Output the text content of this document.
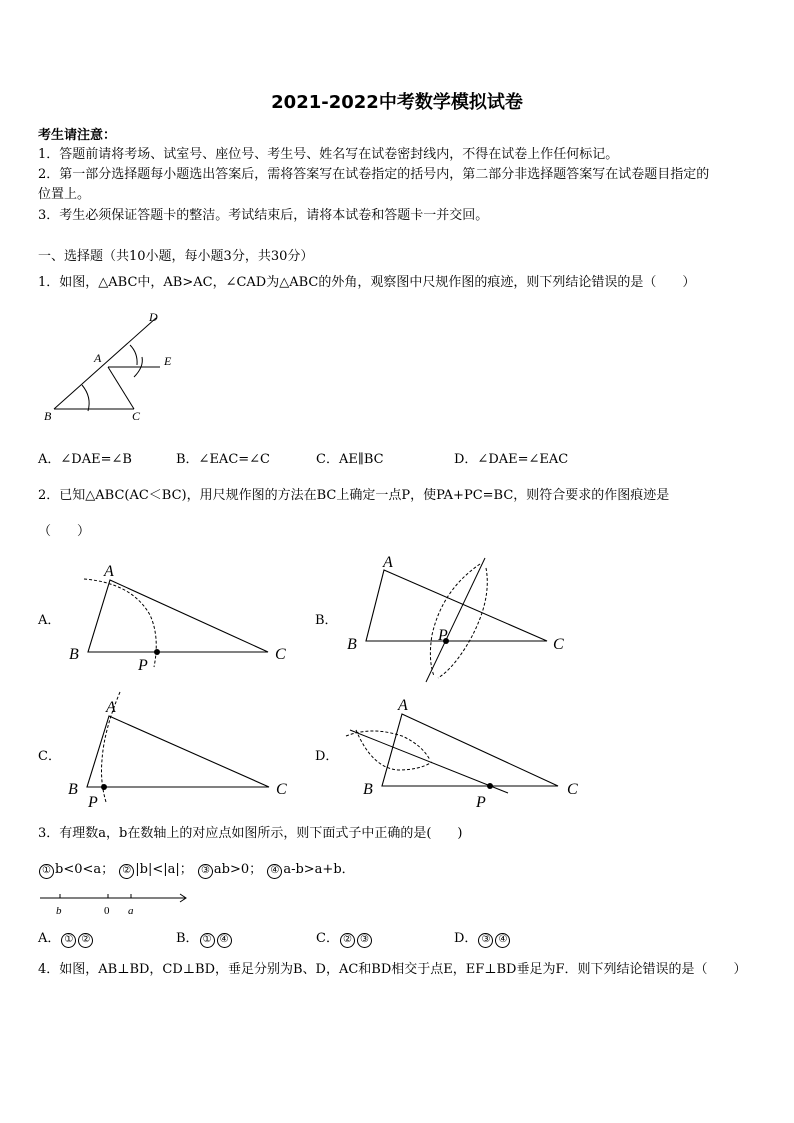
2021-2022中考数学模拟试卷
考生请注意：
1．答题前请将考场、试室号、座位号、考生号、姓名写在试卷密封线内，不得在试卷上作任何标记。
2．第一部分选择题每小题选出答案后，需将答案写在试卷指定的括号内，第二部分非选择题答案写在试卷题目指定的
位置上。
3．考生必须保证答题卡的整洁。考试结束后，请将本试卷和答题卡一并交回。
一、选择题（共10小题，每小题3分，共30分）
1．如图，△ABC中，AB>AC，∠CAD为△ABC的外角，观察图中尺规作图的痕迹，则下列结论错误的是（　　）
D
A	E
B	C
A．∠DAE=∠B	B．∠EAC=∠C	C．AE∥BC	D．∠DAE=∠EAC
2．已知△ABC(AC＜BC)，用尺规作图的方法在BC上确定一点P，使PA+PC=BC，则符合要求的作图痕迹是
（　　）
A．
A
B
P
C
B．
A
B
P
C
C．
A
B
P
C
D．
A
B
P
C
3．有理数a，b在数轴上的对应点如图所示，则下面式子中正确的是(　　)
① b<0<a； ② |b|<|a|； ③ ab>0； ④ a-b>a+b．
b	0 a
A． ① ②	B． ① ④	C． ② ③	D． ③ ④
4．如图，AB⊥BD，CD⊥BD，垂足分别为B、D，AC和BD相交于点E，EF⊥BD垂足为F．则下列结论错误的是（　　）
